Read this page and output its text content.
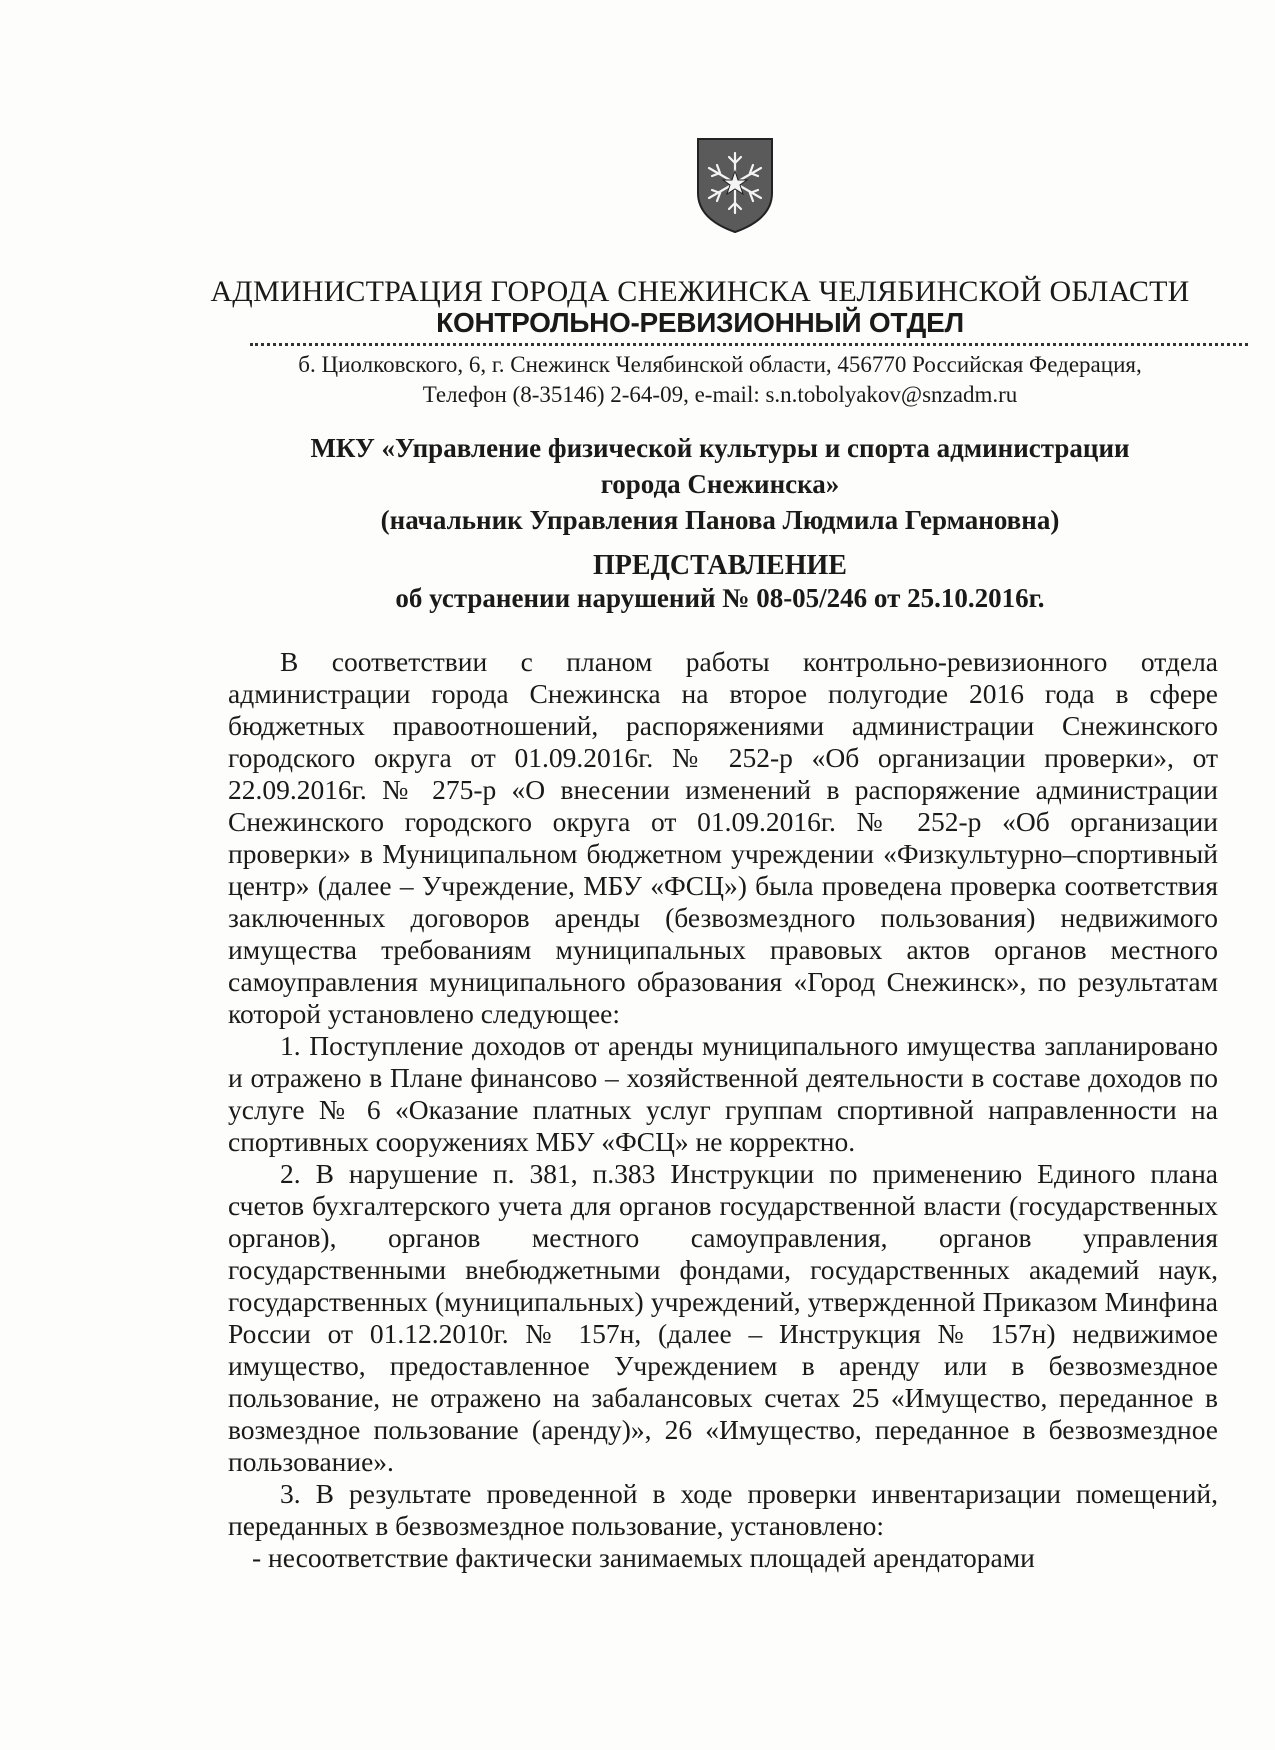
АДМИНИСТРАЦИЯ ГОРОДА СНЕЖИНСКА ЧЕЛЯБИНСКОЙ ОБЛАСТИ
КОНТРОЛЬНО-РЕВИЗИОННЫЙ ОТДЕЛ
б. Циолковского, 6, г. Снежинск Челябинской области, 456770 Российская Федерация,
Телефон (8-35146) 2-64-09, e-mail: s.n.tobolyakov@snzadm.ru
МКУ «Управление физической культуры и спорта администрации
города Снежинска»
(начальник Управления Панова Людмила Германовна)
ПРЕДСТАВЛЕНИЕ
об устранении нарушений № 08-05/246 от 25.10.2016г.

В соответствии с планом работы контрольно-ревизионного отдела администрации города Снежинска на второе полугодие 2016 года в сфере бюджетных правоотношений, распоряжениями администрации Снежинского городского округа от 01.09.2016г. № 252-р «Об организации проверки», от 22.09.2016г. № 275-р «О внесении изменений в распоряжение администрации Снежинского городского округа от 01.09.2016г. № 252-р «Об организации проверки» в Муниципальном бюджетном учреждении «Физкультурно–спортивный центр» (далее – Учреждение, МБУ «ФСЦ») была проведена проверка соответствия заключенных договоров аренды (безвозмездного пользования) недвижимого имущества требованиям муниципальных правовых актов органов местного самоуправления муниципального образования «Город Снежинск», по результатам которой установлено следующее:

1. Поступление доходов от аренды муниципального имущества запланировано и отражено в Плане финансово – хозяйственной деятельности в составе доходов по услуге № 6 «Оказание платных услуг группам спортивной направленности на спортивных сооружениях МБУ «ФСЦ» не корректно.

2. В нарушение п. 381, п.383 Инструкции по применению Единого плана счетов бухгалтерского учета для органов государственной власти (государственных органов), органов местного самоуправления, органов управления государственными внебюджетными фондами, государственных академий наук, государственных (муниципальных) учреждений, утвержденной Приказом Минфина России от 01.12.2010г. № 157н, (далее – Инструкция № 157н) недвижимое имущество, предоставленное Учреждением в аренду или в безвозмездное пользование, не отражено на забалансовых счетах 25 «Имущество, переданное в возмездное пользование (аренду)», 26 «Имущество, переданное в безвозмездное пользование».

3. В результате проведенной в ходе проверки инвентаризации помещений, переданных в безвозмездное пользование, установлено:

- несоответствие фактически занимаемых площадей арендаторами
